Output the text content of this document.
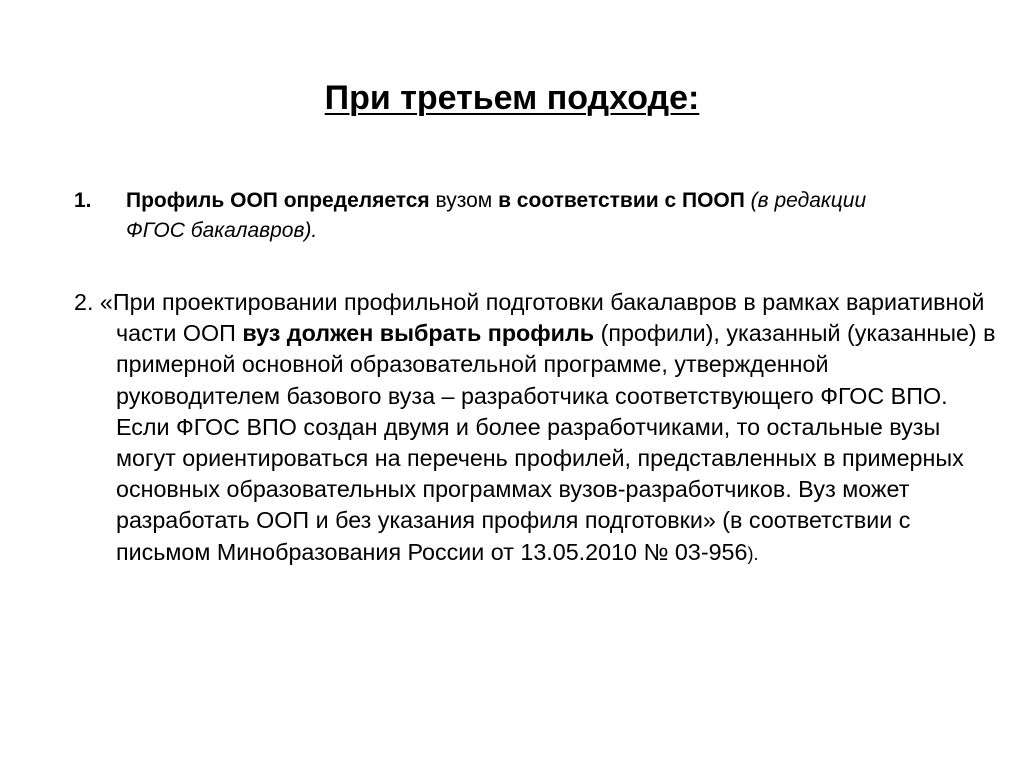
При третьем подходе:
1. Профиль ООП определяется вузом в соответствии с ПООП (в редакции ФГОС бакалавров).
2. «При проектировании профильной подготовки бакалавров в рамках вариативной части ООП вуз должен выбрать профиль (профили), указанный (указанные) в примерной основной образовательной программе, утвержденной руководителем базового вуза – разработчика соответствующего ФГОС ВПО. Если ФГОС ВПО создан двумя и более разработчиками, то остальные вузы могут ориентироваться на перечень профилей, представленных в примерных основных образовательных программах вузов-разработчиков. Вуз может разработать ООП и без указания профиля подготовки» (в соответствии с письмом Минобразования России от 13.05.2010 № 03-956).
